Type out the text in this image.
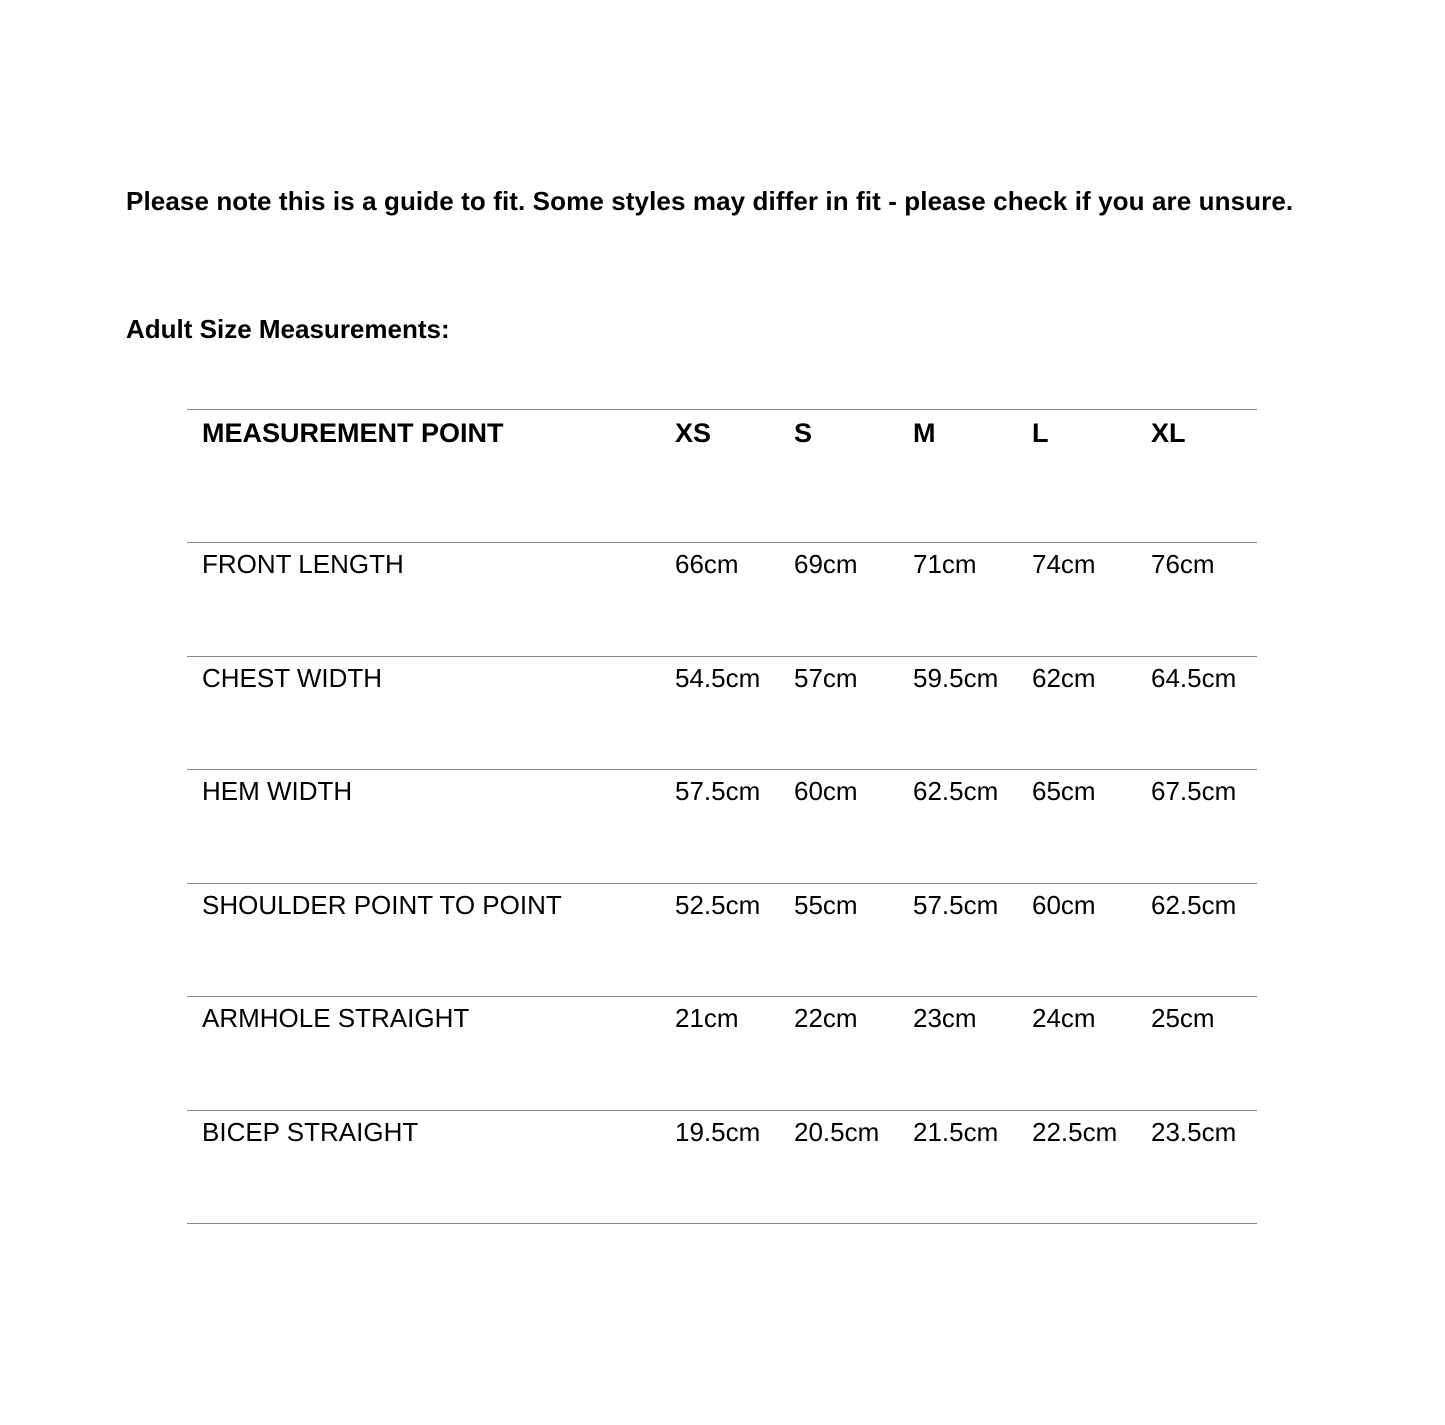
Please note this is a guide to fit. Some styles may differ in fit - please check if you are unsure.

Adult Size Measurements:

MEASUREMENT POINT	XS	S	M	L	XL
FRONT LENGTH	66cm	69cm	71cm	74cm	76cm
CHEST WIDTH	54.5cm	57cm	59.5cm	62cm	64.5cm
HEM WIDTH	57.5cm	60cm	62.5cm	65cm	67.5cm
SHOULDER POINT TO POINT	52.5cm	55cm	57.5cm	60cm	62.5cm
ARMHOLE STRAIGHT	21cm	22cm	23cm	24cm	25cm
BICEP STRAIGHT	19.5cm	20.5cm	21.5cm	22.5cm	23.5cm
